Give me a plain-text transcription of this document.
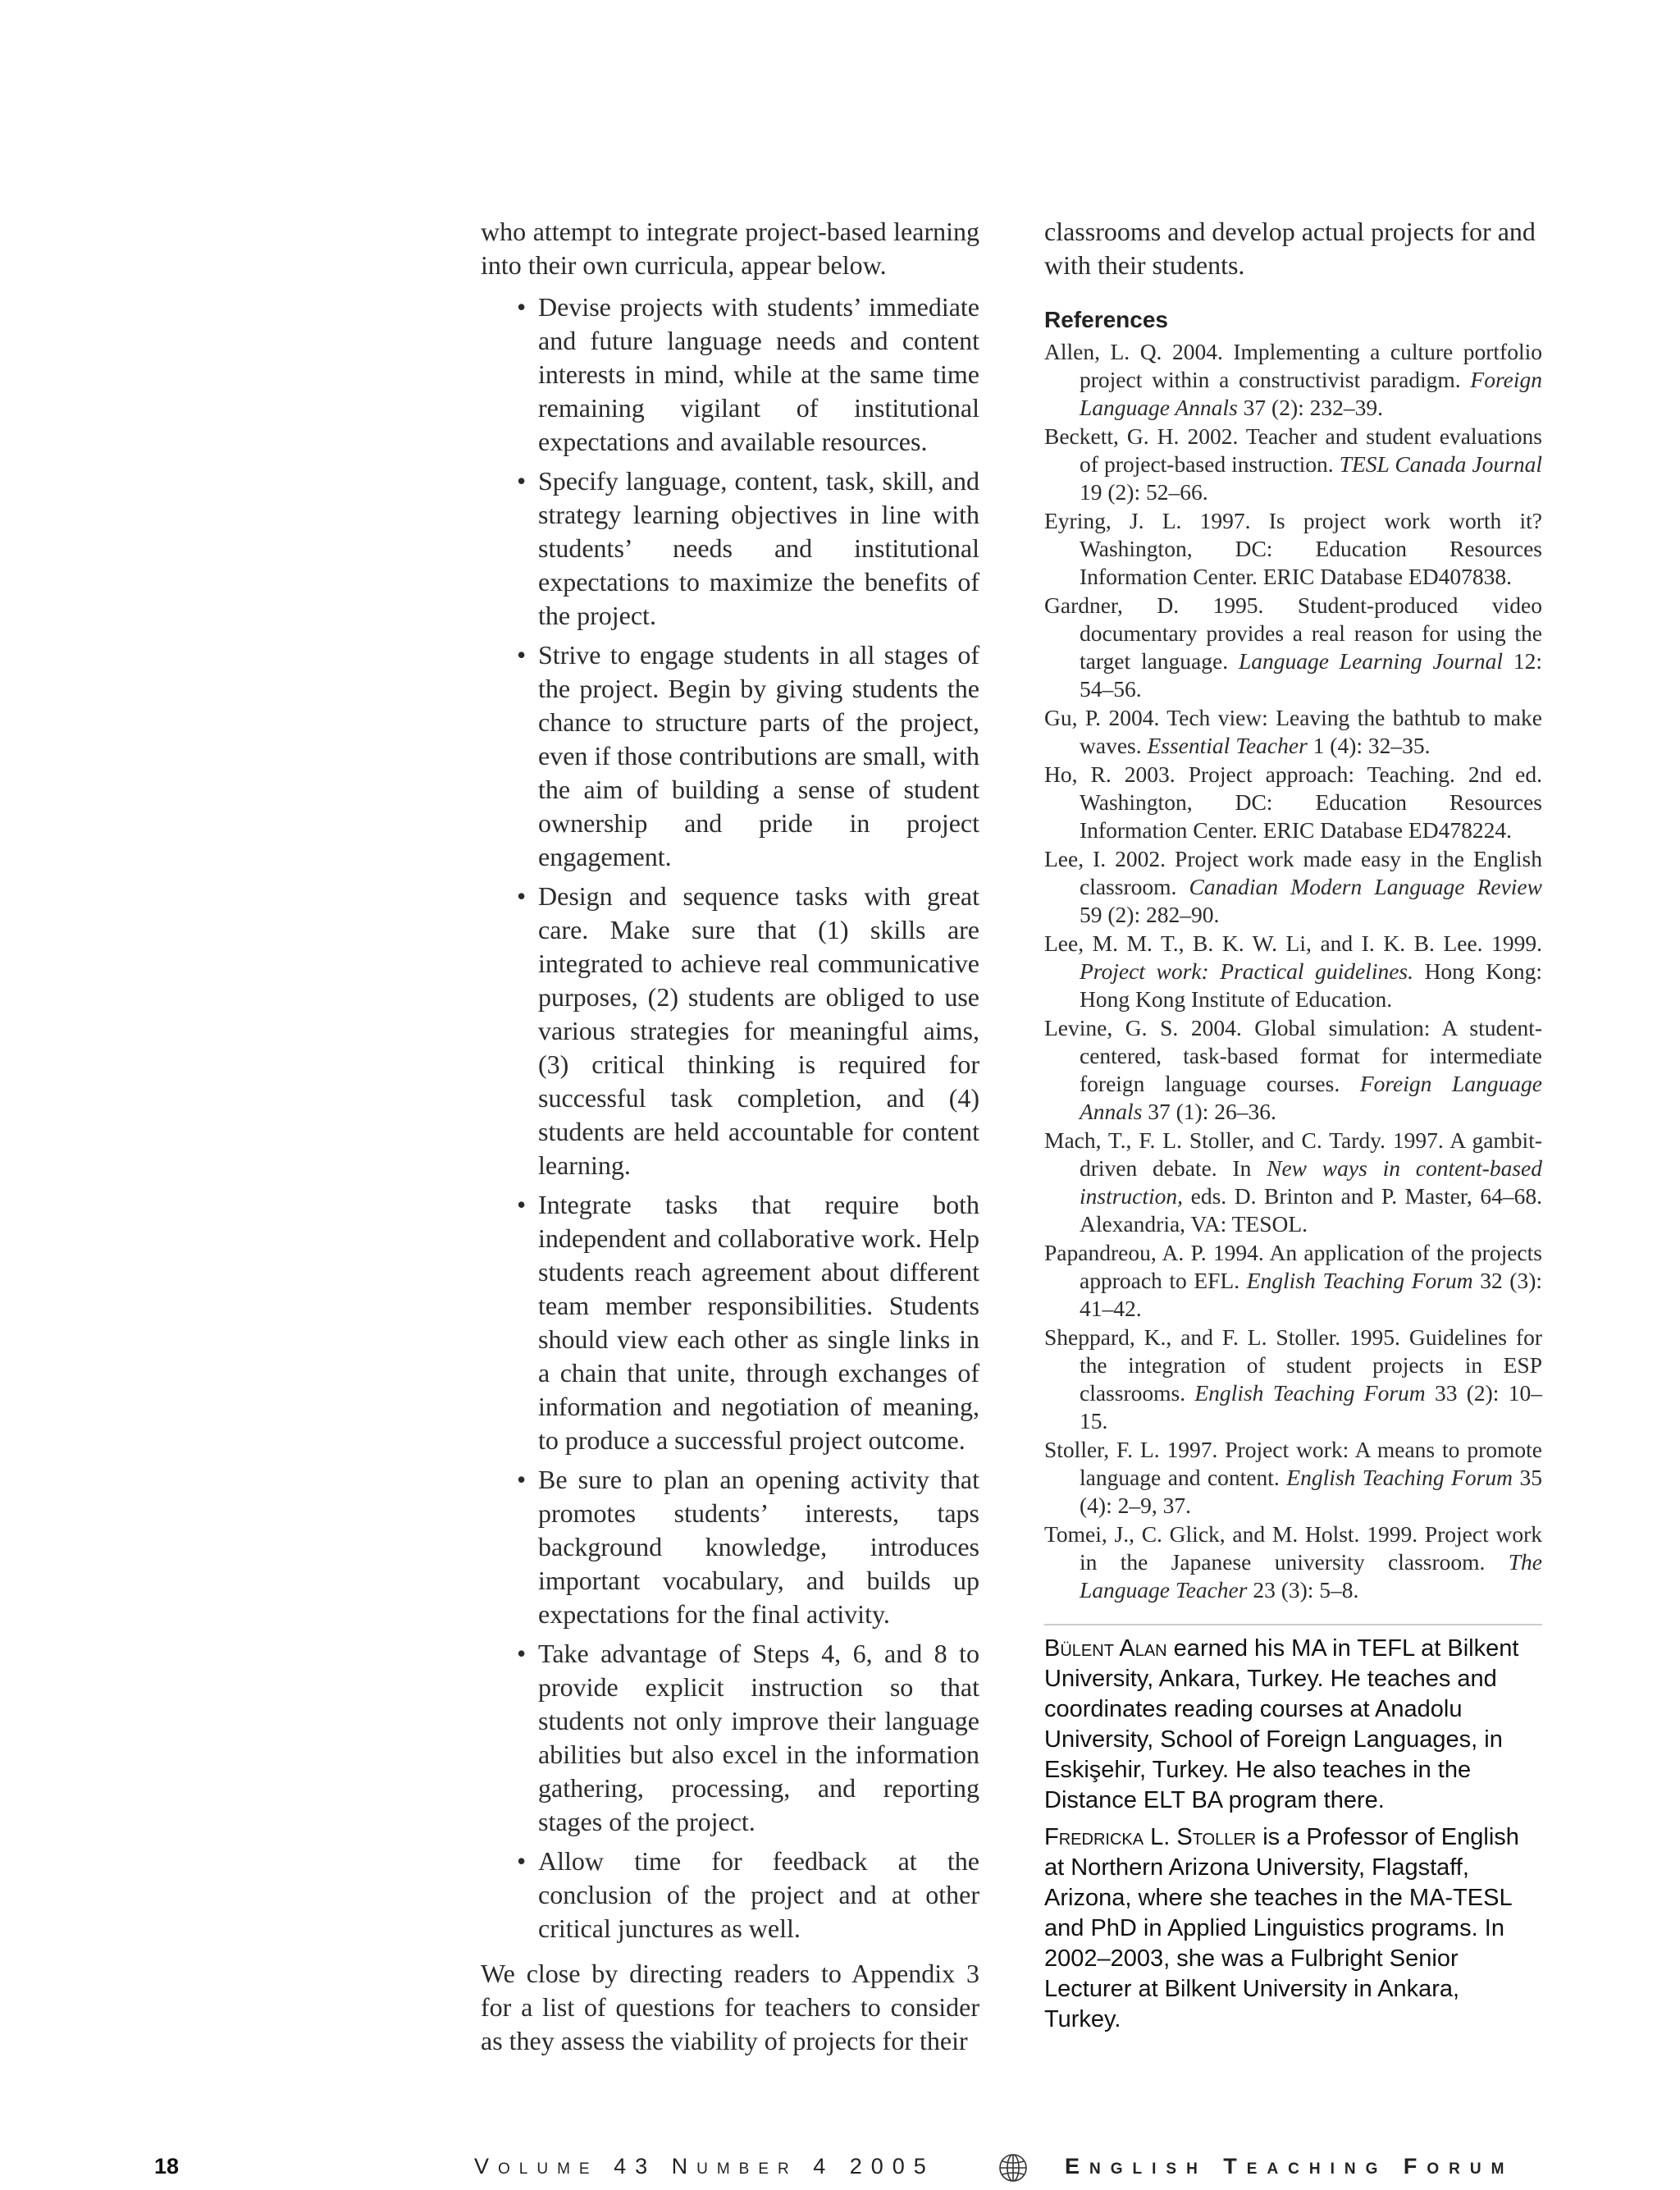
who attempt to integrate project-based learning into their own curricula, appear below.

• Devise projects with students’ immediate and future language needs and content interests in mind, while at the same time remaining vigilant of institutional expectations and available resources.
• Specify language, content, task, skill, and strategy learning objectives in line with students’ needs and institutional expectations to maximize the benefits of the project.
• Strive to engage students in all stages of the project. Begin by giving students the chance to structure parts of the project, even if those contributions are small, with the aim of building a sense of student ownership and pride in project engagement.
• Design and sequence tasks with great care. Make sure that (1) skills are integrated to achieve real communicative purposes, (2) students are obliged to use various strategies for meaningful aims, (3) critical thinking is required for successful task completion, and (4) students are held accountable for content learning.
• Integrate tasks that require both independent and collaborative work. Help students reach agreement about different team member responsibilities. Students should view each other as single links in a chain that unite, through exchanges of information and negotiation of meaning, to produce a successful project outcome.
• Be sure to plan an opening activity that promotes students’ interests, taps background knowledge, introduces important vocabulary, and builds up expectations for the final activity.
• Take advantage of Steps 4, 6, and 8 to provide explicit instruction so that students not only improve their language abilities but also excel in the information gathering, processing, and reporting stages of the project.
• Allow time for feedback at the conclusion of the project and at other critical junctures as well.

We close by directing readers to Appendix 3 for a list of questions for teachers to consider as they assess the viability of projects for their

classrooms and develop actual projects for and with their students.

References
Allen, L. Q. 2004. Implementing a culture portfolio project within a constructivist paradigm. Foreign Language Annals 37 (2): 232–39.
Beckett, G. H. 2002. Teacher and student evaluations of project-based instruction. TESL Canada Journal 19 (2): 52–66.
Eyring, J. L. 1997. Is project work worth it? Washington, DC: Education Resources Information Center. ERIC Database ED407838.
Gardner, D. 1995. Student-produced video documentary provides a real reason for using the target language. Language Learning Journal 12: 54–56.
Gu, P. 2004. Tech view: Leaving the bathtub to make waves. Essential Teacher 1 (4): 32–35.
Ho, R. 2003. Project approach: Teaching. 2nd ed. Washington, DC: Education Resources Information Center. ERIC Database ED478224.
Lee, I. 2002. Project work made easy in the English classroom. Canadian Modern Language Review 59 (2): 282–90.
Lee, M. M. T., B. K. W. Li, and I. K. B. Lee. 1999. Project work: Practical guidelines. Hong Kong: Hong Kong Institute of Education.
Levine, G. S. 2004. Global simulation: A student-centered, task-based format for intermediate foreign language courses. Foreign Language Annals 37 (1): 26–36.
Mach, T., F. L. Stoller, and C. Tardy. 1997. A gambit-driven debate. In New ways in content-based instruction, eds. D. Brinton and P. Master, 64–68. Alexandria, VA: TESOL.
Papandreou, A. P. 1994. An application of the projects approach to EFL. English Teaching Forum 32 (3): 41–42.
Sheppard, K., and F. L. Stoller. 1995. Guidelines for the integration of student projects in ESP classrooms. English Teaching Forum 33 (2): 10–15.
Stoller, F. L. 1997. Project work: A means to promote language and content. English Teaching Forum 35 (4): 2–9, 37.
Tomei, J., C. Glick, and M. Holst. 1999. Project work in the Japanese university classroom. The Language Teacher 23 (3): 5–8.

Bülent Alan earned his MA in TEFL at Bilkent University, Ankara, Turkey. He teaches and coordinates reading courses at Anadolu University, School of Foreign Languages, in Eskişehir, Turkey. He also teaches in the Distance ELT BA program there.

Fredricka L. Stoller is a Professor of English at Northern Arizona University, Flagstaff, Arizona, where she teaches in the MA-TESL and PhD in Applied Linguistics programs. In 2002–2003, she was a Fulbright Senior Lecturer at Bilkent University in Ankara, Turkey.

18	Volume 43 Number 4 2005	English Teaching Forum
